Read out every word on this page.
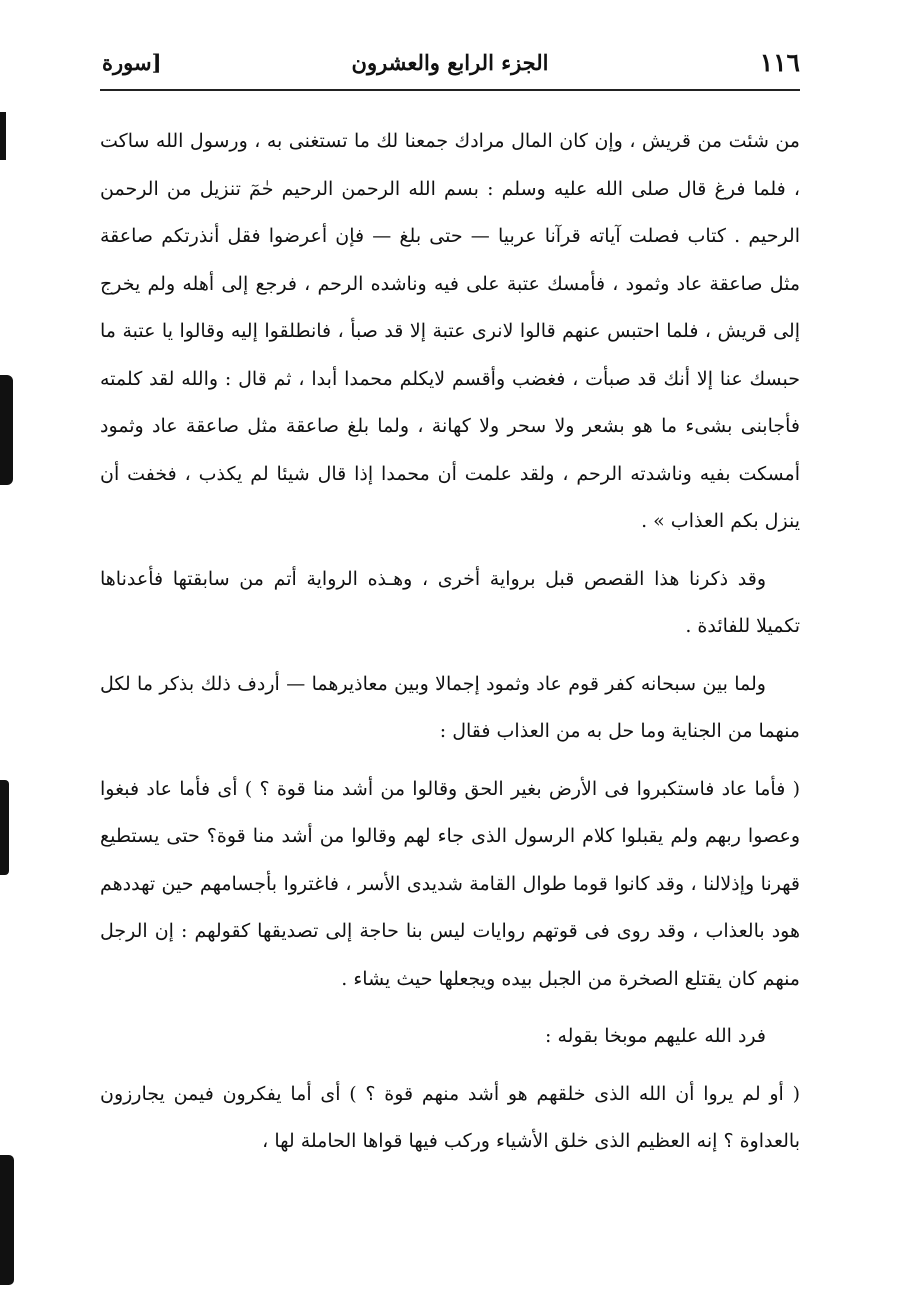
١١٦
الجزء الرابع والعشرون
[سورة

من شئت من قريش ، وإن كان المال مرادك جمعنا لك ما تستغنى به ، ورسول الله ساكت ، فلما فرغ قال صلى الله عليه وسلم : بسم الله الرحمن الرحيم حٰمٓ تنزيل من الرحمن الرحيم . كتاب فصلت آياته قرآنا عربيا — حتى بلغ — فإن أعرضوا فقل أنذرتكم صاعقة مثل صاعقة عاد وثمود ، فأمسك عتبة على فيه وناشده الرحم ، فرجع إلى أهله ولم يخرج إلى قريش ، فلما احتبس عنهم قالوا لانرى عتبة إلا قد صبأ ، فانطلقوا إليه وقالوا يا عتبة ما حبسك عنا إلا أنك قد صبأت ، فغضب وأقسم لايكلم محمدا أبدا ، ثم قال : والله لقد كلمته فأجابنى بشىء ما هو بشعر ولا سحر ولا كهانة ، ولما بلغ صاعقة مثل صاعقة عاد وثمود أمسكت بفيه وناشدته الرحم ، ولقد علمت أن محمدا إذا قال شيئا لم يكذب ، فخفت أن ينزل بكم العذاب » .

وقد ذكرنا هذا القصص قبل برواية أخرى ، وهـذه الرواية أتم من سابقتها فأعدناها تكميلا للفائدة .

ولما بين سبحانه كفر قوم عاد وثمود إجمالا وبين معاذيرهما — أردف ذلك بذكر ما لكل منهما من الجناية وما حل به من العذاب فقال :

( فأما عاد فاستكبروا فى الأرض بغير الحق وقالوا من أشد منا قوة ؟ ) أى فأما عاد فبغوا وعصوا ربهم ولم يقبلوا كلام الرسول الذى جاء لهم وقالوا من أشد منا قوة؟ حتى يستطيع قهرنا وإذلالنا ، وقد كانوا قوما طوال القامة شديدى الأسر ، فاغتروا بأجسامهم حين تهددهم هود بالعذاب ، وقد روى فى قوتهم روايات ليس بنا حاجة إلى تصديقها كقولهم : إن الرجل منهم كان يقتلع الصخرة من الجبل بيده ويجعلها حيث يشاء .

فرد الله عليهم موبخا بقوله :

( أو لم يروا أن الله الذى خلقهم هو أشد منهم قوة ؟ ) أى أما يفكرون فيمن يجارزون بالعداوة ؟ إنه العظيم الذى خلق الأشياء وركب فيها قواها الحاملة لها ،
